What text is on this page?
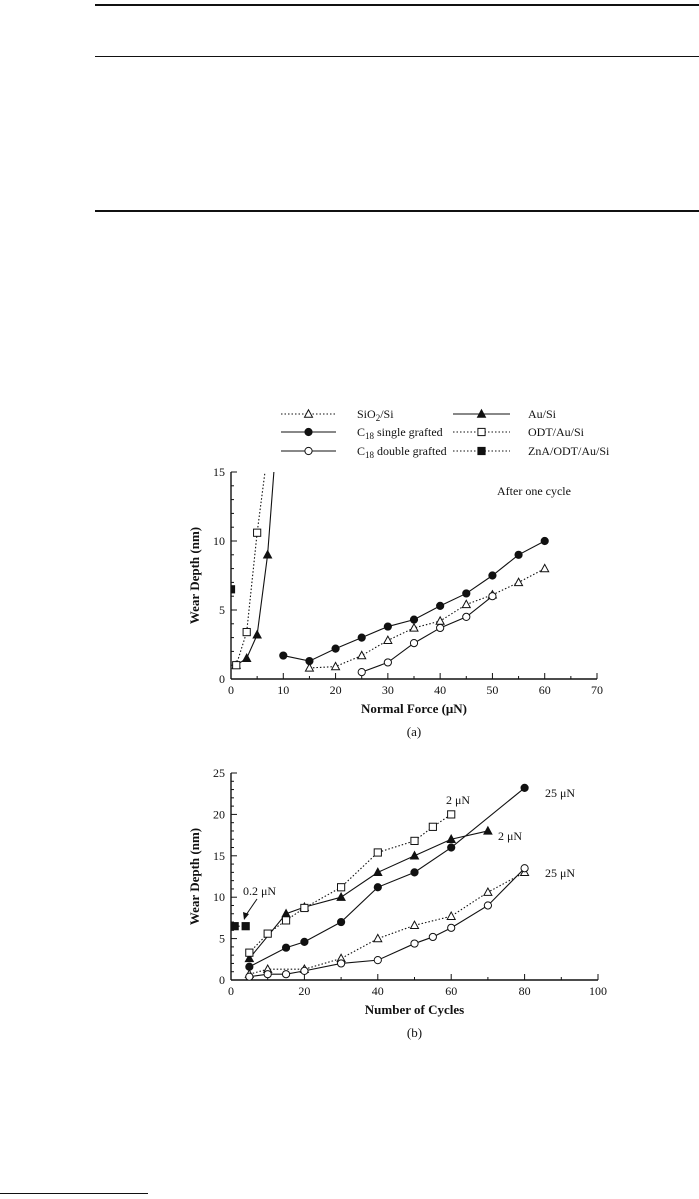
SiO$_2$/Si	Au/Si
$C_{18}$ single grafted	ODT/Au/Si
$C_{18}$ double grafted	ZnA/ODT/Au/Si
0	10	20	30	40	50	60	70
0
5
10
15
Normal Force (μN)
Wear Depth (nm)
(a)
After one cycle
0	20	40	60	80	100
0
5
10
15
20
25
Number of Cycles
Wear Depth (nm)
(b)
2 μN	25 μN
2 μN
25 μN
0.2 μN
